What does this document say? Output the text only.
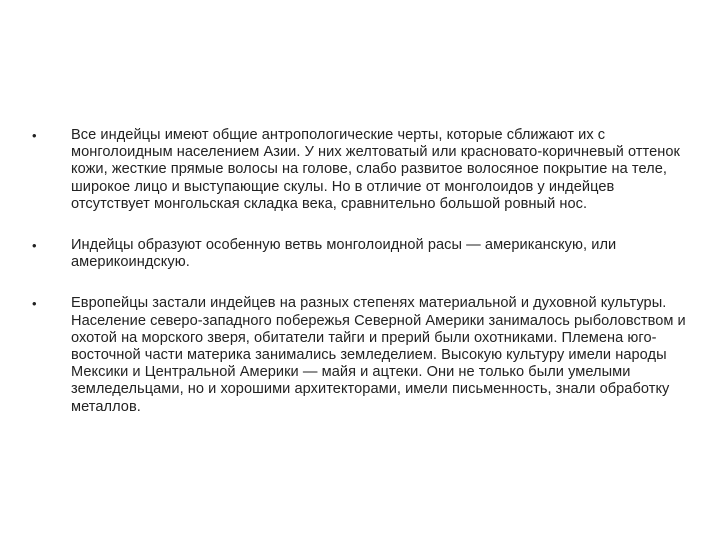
•	Все индейцы имеют общие антропологические черты, которые сближают их с монголоидным населением Азии. У них желтоватый или красновато-коричневый оттенок кожи, жесткие прямые волосы на голове, слабо развитое волосяное покрытие на теле, широкое лицо и выступающие скулы. Но в отличие от монголоидов у индейцев отсутствует монгольская складка века, сравнительно большой ровный нос.
•	Индейцы образуют особенную ветвь монголоидной расы — американскую, или америкоиндскую.
•	Европейцы застали индейцев на разных степенях материальной и духовной культуры. Население северо-западного побережья Северной Америки занималось рыболовством и охотой на морского зверя, обитатели тайги и прерий были охотниками. Племена юго-восточной части материка занимались земледелием. Высокую культуру имели народы Мексики и Центральной Америки — майя и ацтеки. Они не только были умелыми земледельцами, но и хорошими архитекторами, имели письменность, знали обработку металлов.
